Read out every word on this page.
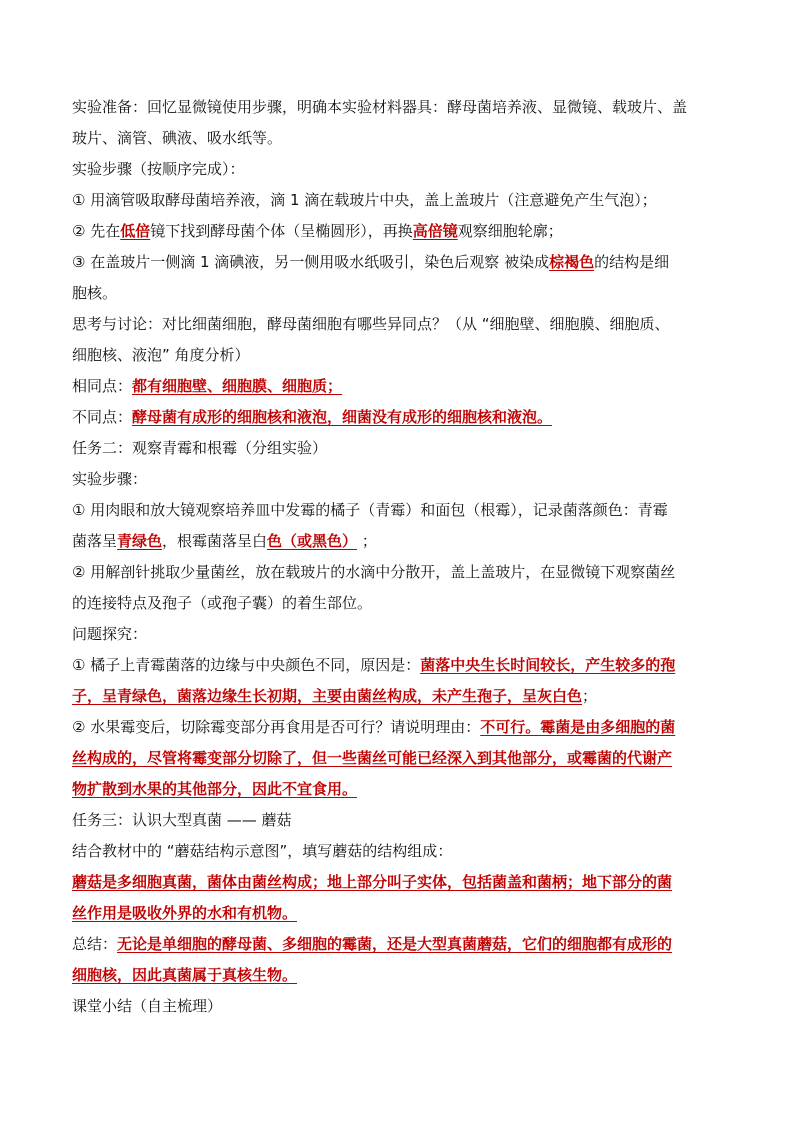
实验准备：回忆显微镜使用步骤，明确本实验材料器具：酵母菌培养液、显微镜、载玻片、盖
玻片、滴管、碘液、吸水纸等。
实验步骤（按顺序完成）：
① 用滴管吸取酵母菌培养液，滴 1 滴在载玻片中央，盖上盖玻片（注意避免产生气泡）；
② 先在低倍镜下找到酵母菌个体（呈椭圆形），再换高倍镜观察细胞轮廓；
③ 在盖玻片一侧滴 1 滴碘液，另一侧用吸水纸吸引，染色后观察 被染成棕褐色的结构是细
胞核。
思考与讨论：对比细菌细胞，酵母菌细胞有哪些异同点？（从 “细胞壁、细胞膜、细胞质、
细胞核、液泡” 角度分析）
相同点：都有细胞壁、细胞膜、细胞质；
不同点：酵母菌有成形的细胞核和液泡，细菌没有成形的细胞核和液泡。
任务二：观察青霉和根霉（分组实验）
实验步骤：
① 用肉眼和放大镜观察培养皿中发霉的橘子（青霉）和面包（根霉），记录菌落颜色：青霉
菌落呈青绿色，根霉菌落呈白色（或黑色） ；
② 用解剖针挑取少量菌丝，放在载玻片的水滴中分散开，盖上盖玻片，在显微镜下观察菌丝
的连接特点及孢子（或孢子囊）的着生部位。
问题探究：
① 橘子上青霉菌落的边缘与中央颜色不同，原因是：菌落中央生长时间较长，产生较多的孢
子，呈青绿色，菌落边缘生长初期，主要由菌丝构成，未产生孢子，呈灰白色；
② 水果霉变后，切除霉变部分再食用是否可行？请说明理由：不可行。霉菌是由多细胞的菌
丝构成的，尽管将霉变部分切除了，但一些菌丝可能已经深入到其他部分，或霉菌的代谢产
物扩散到水果的其他部分，因此不宜食用。
任务三：认识大型真菌 —— 蘑菇
结合教材中的 “蘑菇结构示意图”，填写蘑菇的结构组成：
蘑菇是多细胞真菌，菌体由菌丝构成；地上部分叫子实体，包括菌盖和菌柄；地下部分的菌
丝作用是吸收外界的水和有机物。
总结：无论是单细胞的酵母菌、多细胞的霉菌，还是大型真菌蘑菇，它们的细胞都有成形的
细胞核，因此真菌属于真核生物。
课堂小结（自主梳理）
